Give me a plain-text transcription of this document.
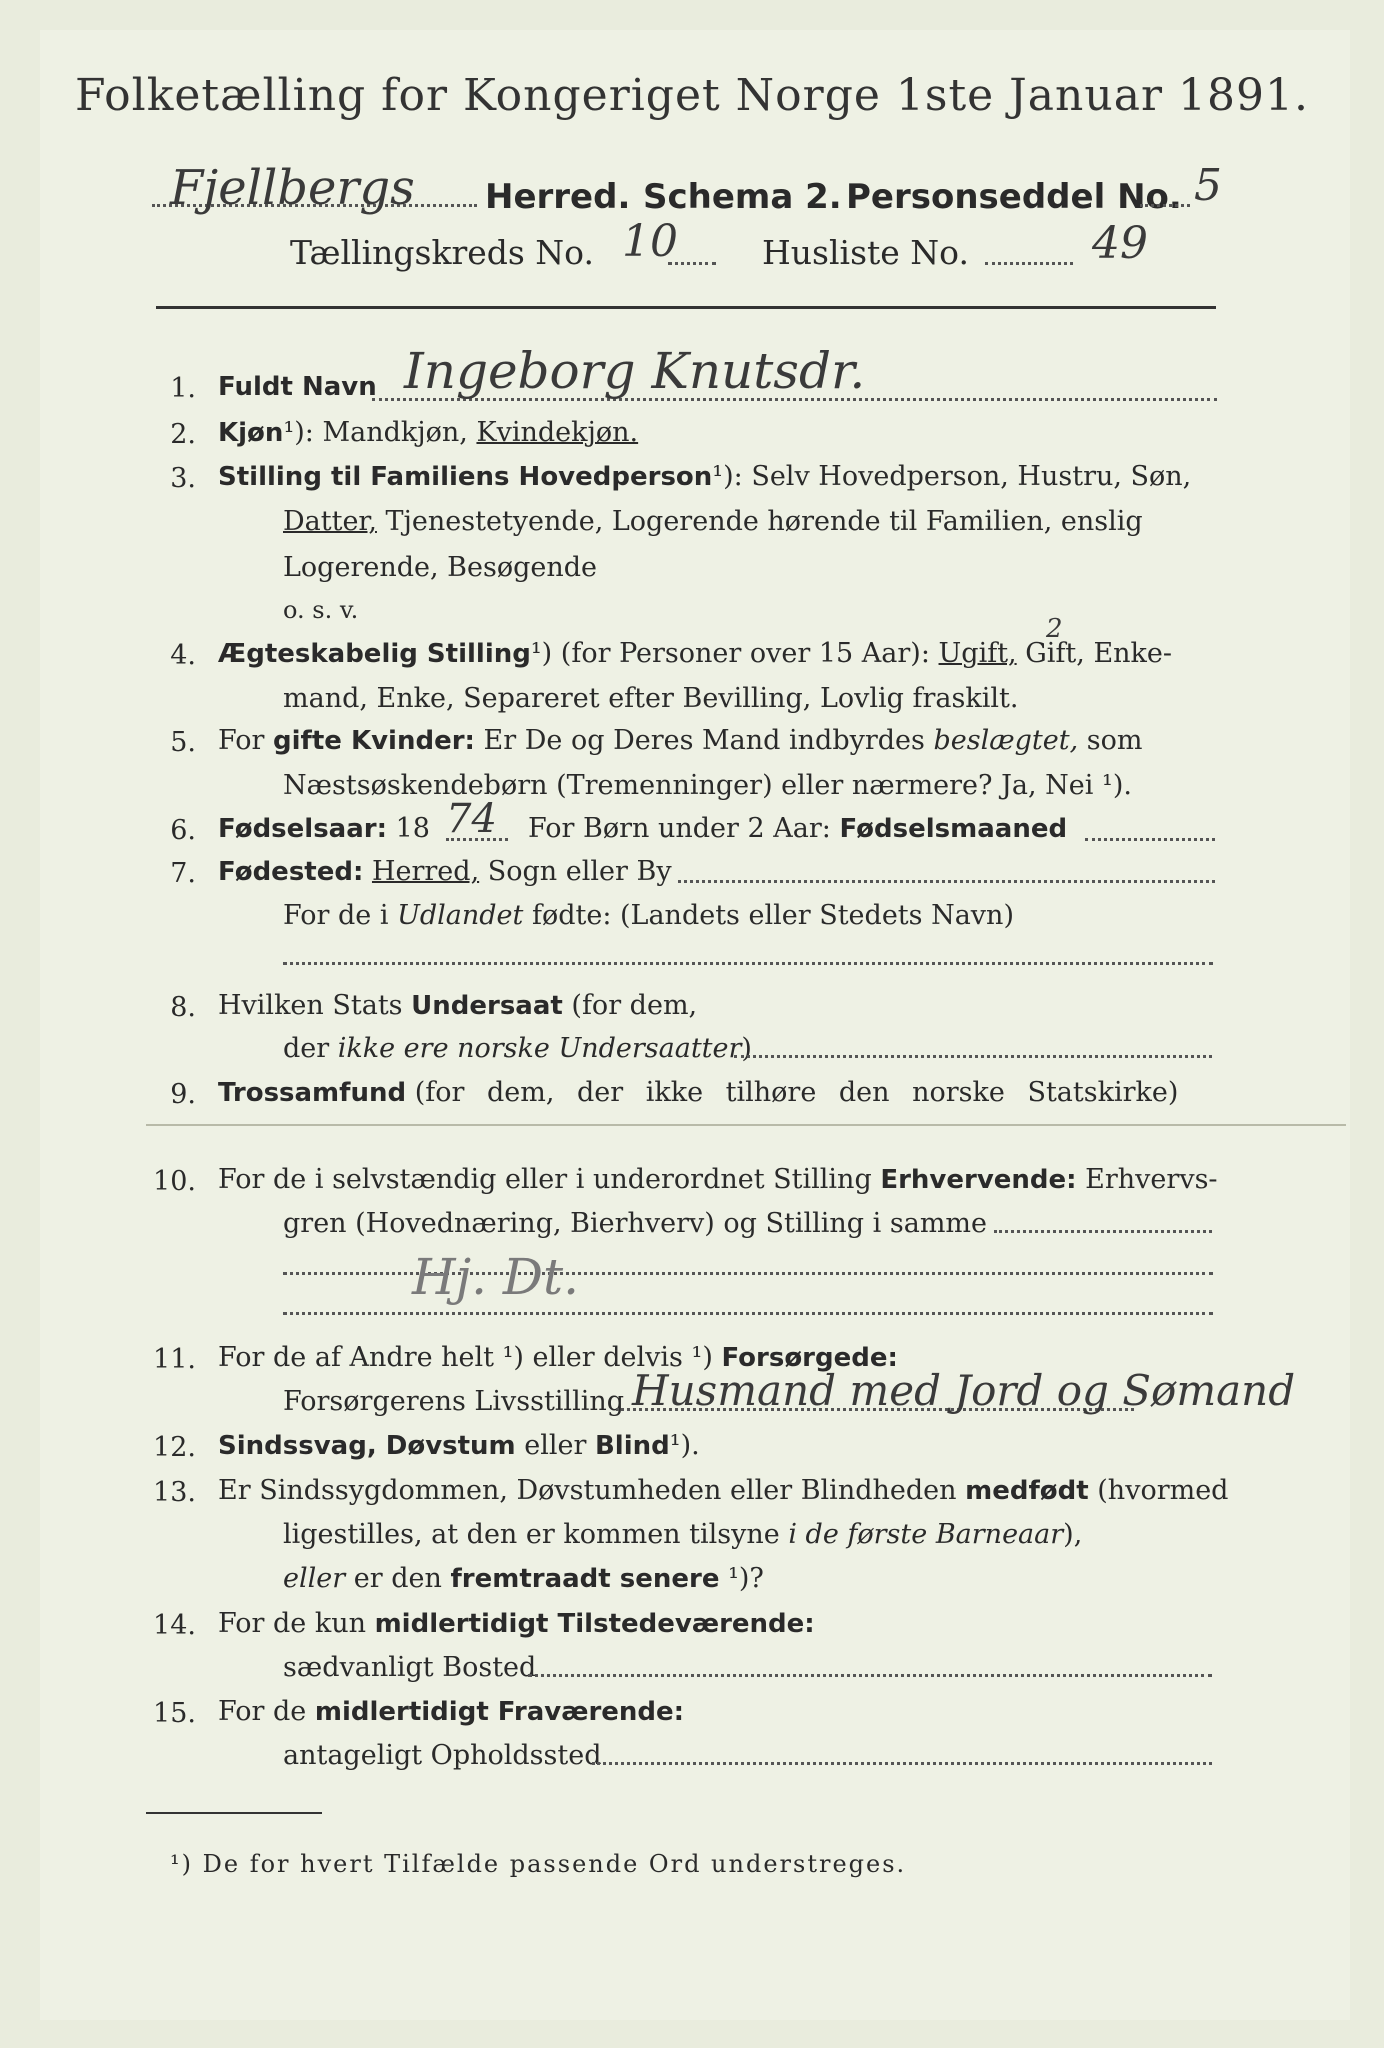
Folketælling for Kongeriget Norge 1ste Januar 1891.
Fjellbergs Herred. Schema 2. Personseddel No. 5
Tællingskreds No. 10	Husliste No.	49
1. Fuldt Navn Ingeborg Knutsdr.
2. Kjøn¹): Mandkjøn, Kvindekjøn.
3. Stilling til Familiens Hovedperson¹): Selv Hovedperson, Hustru, Søn,
Datter, Tjenestetyende, Logerende hørende til Familien, enslig
Logerende, Besøgende
o. s. v.
4. Ægteskabelig Stilling¹) (for Personer over 15 Aar): Ugift, Gift, Enke-
2
mand, Enke, Separeret efter Bevilling, Lovlig fraskilt.
5. For gifte Kvinder: Er De og Deres Mand indbyrdes beslægtet, som
Næstsøskendebørn (Tremenninger) eller nærmere? Ja, Nei ¹).
6. Fødselsaar: 18 74 For Børn under 2 Aar: Fødselsmaaned
7. Fødested: Herred, Sogn eller By
For de i Udlandet fødte: (Landets eller Stedets Navn)
8. Hvilken Stats Undersaat (for dem,
der ikke ere norske Undersaatter)
9. Trossamfund (for dem, der ikke tilhøre den norske Statskirke)
10. For de i selvstændig eller i underordnet Stilling Erhvervende: Erhvervs-
gren (Hovednæring, Bierhverv) og Stilling i samme
Hj. Dt.
11. For de af Andre helt ¹) eller delvis ¹) Forsørgede:
Forsørgerens Livsstilling Husmand med Jord og Sømand
12. Sindssvag, Døvstum eller Blind¹).
13. Er Sindssygdommen, Døvstumheden eller Blindheden medfødt (hvormed
ligestilles, at den er kommen tilsyne i de første Barneaar),
eller er den fremtraadt senere ¹)?
14. For de kun midlertidigt Tilstedeværende:
sædvanligt Bosted
15. For de midlertidigt Fraværende:
antageligt Opholdssted
¹) De for hvert Tilfælde passende Ord understreges.
